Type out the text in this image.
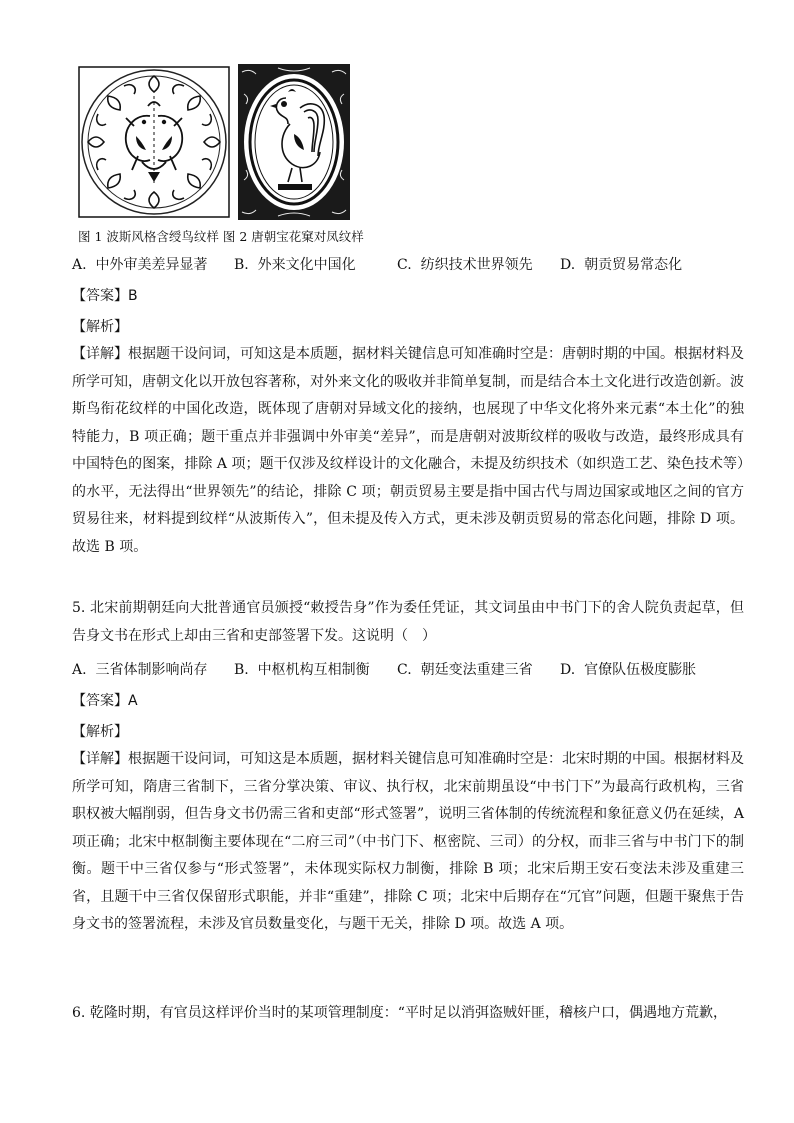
图 1 波斯风格含绶鸟纹样 图 2 唐朝宝花窠对凤纹样
A. 中外审美差异显著 B. 外来文化中国化	C. 纺织技术世界领先 D. 朝贡贸易常态化
【答案】B
【解析】
【详解】根据题干设问词，可知这是本质题，据材料关键信息可知准确时空是：唐朝时期的中国。根据材料及所学可知，唐朝文化以开放包容著称，对外来文化的吸收并非简单复制，而是结合本土文化进行改造创新。波斯鸟衔花纹样的中国化改造，既体现了唐朝对异域文化的接纳，也展现了中华文化将外来元素“本土化”的独特能力，B 项正确；题干重点并非强调中外审美“差异”，而是唐朝对波斯纹样的吸收与改造，最终形成具有中国特色的图案，排除 A 项；题干仅涉及纹样设计的文化融合，未提及纺织技术（如织造工艺、染色技术等）的水平，无法得出“世界领先”的结论，排除 C 项；朝贡贸易主要是指中国古代与周边国家或地区之间的官方贸易往来，材料提到纹样“从波斯传入”，但未提及传入方式，更未涉及朝贡贸易的常态化问题，排除 D 项。故选 B 项。
5. 北宋前期朝廷向大批普通官员颁授“敕授告身”作为委任凭证，其文词虽由中书门下的舍人院负责起草，但告身文书在形式上却由三省和吏部签署下发。这说明（　）
A. 三省体制影响尚存 B. 中枢机构互相制衡 C. 朝廷变法重建三省 D. 官僚队伍极度膨胀
【答案】A
【解析】
【详解】根据题干设问词，可知这是本质题，据材料关键信息可知准确时空是：北宋时期的中国。根据材料及所学可知，隋唐三省制下，三省分掌决策、审议、执行权，北宋前期虽设“中书门下”为最高行政机构，三省职权被大幅削弱，但告身文书仍需三省和吏部“形式签署”，说明三省体制的传统流程和象征意义仍在延续，A 项正确；北宋中枢制衡主要体现在“二府三司”（中书门下、枢密院、三司）的分权，而非三省与中书门下的制衡。题干中三省仅参与“形式签署”，未体现实际权力制衡，排除 B 项；北宋后期王安石变法未涉及重建三省，且题干中三省仅保留形式职能，并非“重建”，排除 C 项；北宋中后期存在“冗官”问题，但题干聚焦于告身文书的签署流程，未涉及官员数量变化，与题干无关，排除 D 项。故选 A 项。
6. 乾隆时期，有官员这样评价当时的某项管理制度：“平时足以消弭盗贼奸匪，稽核户口，偶遇地方荒歉，
